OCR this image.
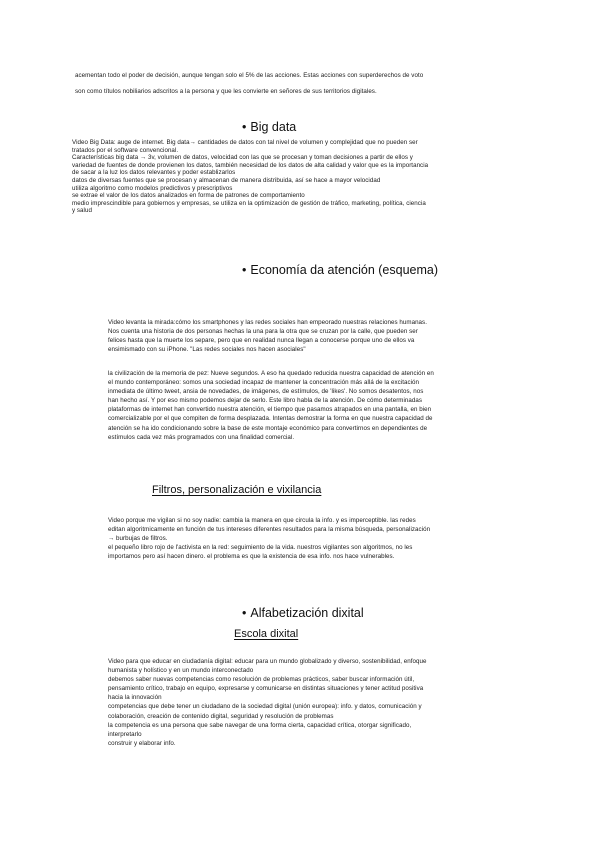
acementan todo el poder de decisión, aunque tengan solo el 5% de las acciones. Estas acciones con superderechos de voto
son como títulos nobiliarios adscritos a la persona y que les convierte en señores de sus territorios digitales.
• Big data
Video Big Data: auge de internet. Big data→ cantidades de datos con tal nivel de volumen y complejidad que no pueden ser
tratados por el software convencional.
Características big data → 3v, volumen de datos, velocidad con las que se procesan y toman decisiones a partir de ellos y
variedad de fuentes de donde provienen los datos, también necesidad de los datos de alta calidad y valor que es la importancia
de sacar a la luz los datos relevantes y poder establizarlos
datos de diversas fuentes que se procesan y almacenan de manera distribuida, así se hace a mayor velocidad
utiliza algoritmo como modelos predictivos y prescriptivos
se extrae el valor de los datos analizados en forma de patrones de comportamiento
medio imprescindible para gobiernos y empresas, se utiliza en la optimización de gestión de tráfico, marketing, política, ciencia
y salud
• Economía da atención (esquema)
Video levanta la mirada:cómo los smartphones y las redes sociales han empeorado nuestras relaciones humanas.
Nos cuenta una historia de dos personas hechas la una para la otra que se cruzan por la calle, que pueden ser
felices hasta que la muerte los separe, pero que en realidad nunca llegan a conocerse porque uno de ellos va
ensimismado con su iPhone. "Las redes sociales nos hacen asociales"
la civilización de la memoria de pez: Nueve segundos. A eso ha quedado reducida nuestra capacidad de atención en
el mundo contemporáneo: somos una sociedad incapaz de mantener la concentración más allá de la excitación
inmediata de último tweet, ansia de novedades, de imágenes, de estímulos, de 'likes'. No somos desatentos, nos
han hecho así. Y por eso mismo podemos dejar de serlo. Este libro habla de la atención. De cómo determinadas
plataformas de internet han convertido nuestra atención, el tiempo que pasamos atrapados en una pantalla, en bien
comercializable por el que compiten de forma desplazada. Intentas demostrar la forma en que nuestra capacidad de
atención se ha ido condicionando sobre la base de este montaje económico para convertirnos en dependientes de
estímulos cada vez más programados con una finalidad comercial.
Filtros, personalización e vixilancia
Video porque me vigilan si no soy nadie: cambia la manera en que circula la info. y es imperceptible. las redes
editan algoritmicamente en función de tus intereses diferentes resultados para la misma búsqueda, personalización
→ burbujas de filtros.
el pequeño libro rojo de l'activista en la red: seguimiento de la vida. nuestros vigilantes son algoritmos, no les
importamos pero así hacen dinero. el problema es que la existencia de esa info. nos hace vulnerables.
• Alfabetización dixital
Escola dixital
Video para que educar en ciudadanía digital: educar para un mundo globalizado y diverso, sostenibilidad, enfoque
humanista y holístico y en un mundo interconectado
debemos saber nuevas competencias como resolución de problemas prácticos, saber buscar información útil,
pensamiento crítico, trabajo en equipo, expresarse y comunicarse en distintas situaciones y tener actitud positiva
hacia la innovación
competencias que debe tener un ciudadano de la sociedad digital (unión europea): info. y datos, comunicación y
colaboración, creación de contenido digital, seguridad y resolución de problemas
la competencia es una persona que sabe navegar de una forma cierta, capacidad crítica, otorgar significado,
interpretarlo
construir y elaborar info.
